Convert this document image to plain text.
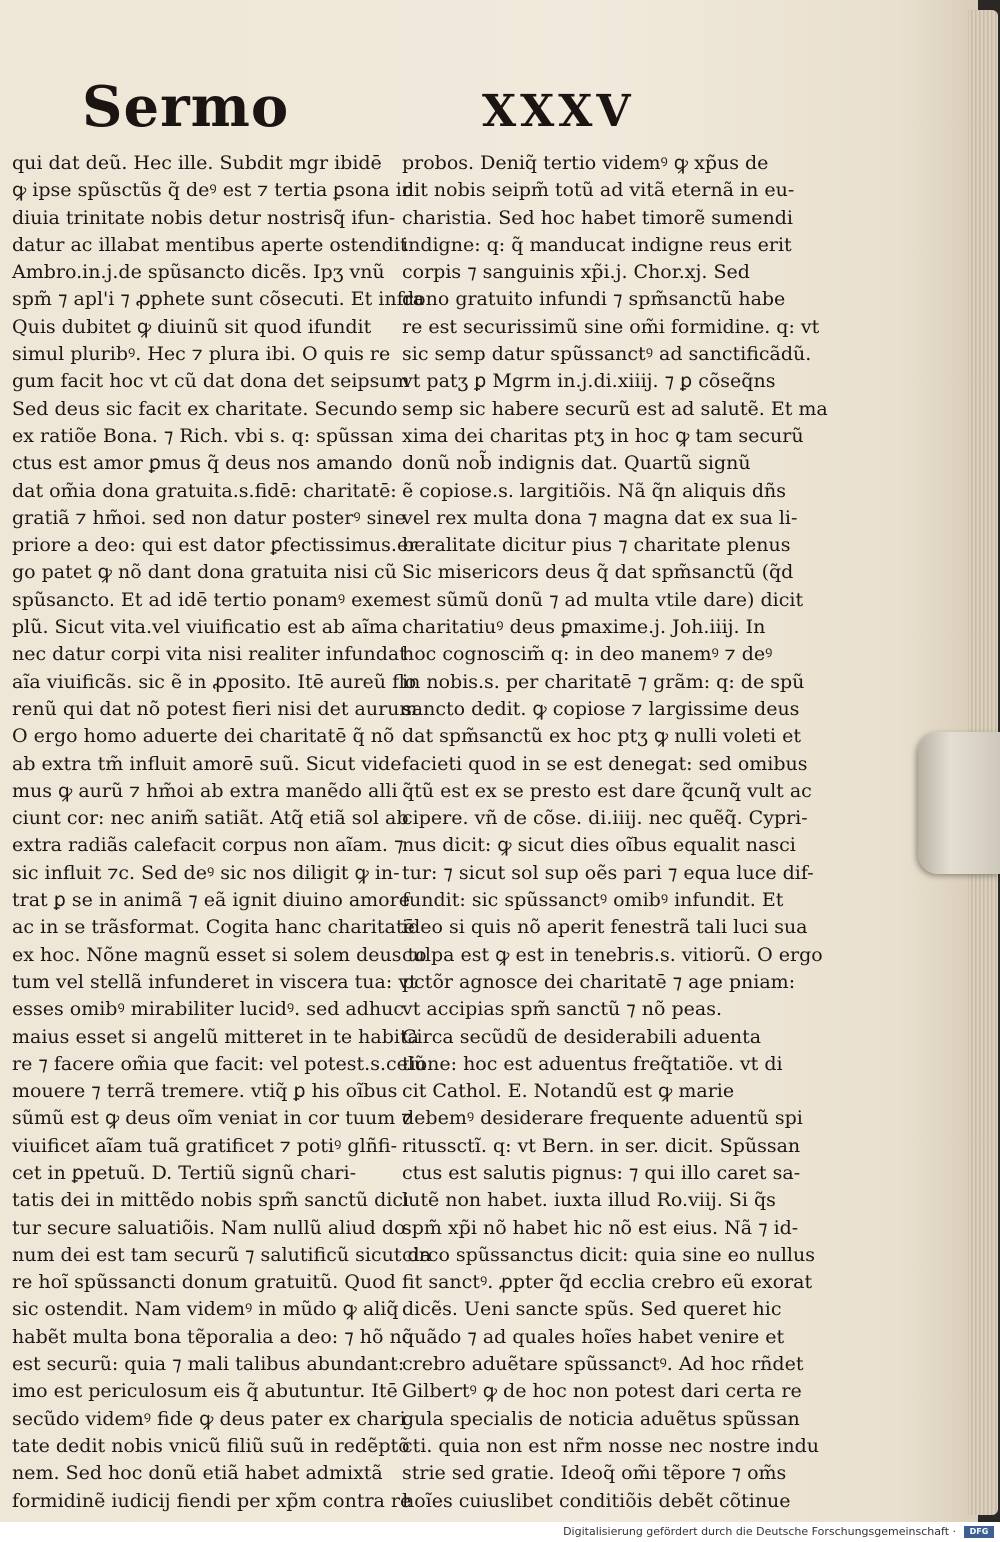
Sermo	XXXV
qui dat deũ. Hec ille. Subdit mgr ibidē
ꝙ ipse spũsctũs q̃ deꝰ est ⁊ tertia ꝑsona in
diuia trinitate nobis detur nostrisq̃ ifun-
datur ac illabat mentibus aperte ostendit
Ambro.in.j.de spũsancto dicẽs. Ipʒ vnũ
spm̃ ⁊ apl'i ⁊ ꝓphete sunt cõsecuti. Et infra
Quis dubitet ꝙ diuinũ sit quod ifundit
simul pluribꝰ. Hec ⁊ plura ibi. O quis re
gum facit hoc vt cũ dat dona det seipsum
Sed deus sic facit ex charitate. Secundo
ex ratiõe Bona. ⁊ Rich. vbi s. q: spũssan
ctus est amor ꝑmus q̃ deus nos amando
dat om̃ia dona gratuita.s.fidē: charitatē:
gratiã ⁊ hm̃oi. sed non datur posterꝰ sine
priore a deo: qui est dator ꝑfectissimus.er
go patet ꝙ nõ dant dona gratuita nisi cũ
spũsancto. Et ad idē tertio ponamꝰ exem-
plũ. Sicut vita.vel viuificatio est ab aĩma
nec datur corpi vita nisi realiter infundat
aĩa viuificãs. sic ẽ in ꝓposito. Itē aureũ flo
renũ qui dat nõ potest fieri nisi det aurum
O ergo homo aduerte dei charitatē q̃ nõ
ab extra tm̃ influit amorē suũ. Sicut vide
mus ꝙ aurũ ⁊ hm̃oi ab extra manẽdo alli
ciunt cor: nec anim̃ satiãt. Atq̃ etiã sol ab
extra radiãs calefacit corpus non aĩam. ⁊
sic influit ⁊c. Sed deꝰ sic nos diligit ꝙ in-
trat ꝑ se in animã ⁊ eã ignit diuino amore
ac in se trãsformat. Cogita hanc charitatē
ex hoc. Nõne magnũ esset si solem deus to
tum vel stellã infunderet in viscera tua: vt
esses omibꝰ mirabiliter lucidꝰ. sed adhuc
maius esset si angelũ mitteret in te habita
re ⁊ facere om̃ia que facit: vel potest.s.celũ
mouere ⁊ terrã tremere. vtiq̃ ꝑ his oĩbus
sũmũ est ꝙ deus oĩm veniat in cor tuum ⁊
viuificet aĩam tuã gratificet ⁊ potiꝰ glñfi-
cet in ꝑpetuũ. D. Tertiũ signũ chari-
tatis dei in mittẽdo nobis spm̃ sanctũ dici
tur secure saluatiõis. Nam nullũ aliud do
num dei est tam securũ ⁊ salutificũ sicut da
re hoĩ spũssancti donum gratuitũ. Quod
sic ostendit. Nam videmꝰ in mũdo ꝙ aliq̃
habẽt multa bona tẽporalia a deo: ⁊ hõ nõ
est securũ: quia ⁊ mali talibus abundant:
imo est periculosum eis q̃ abutuntur. Itē
secũdo videmꝰ fide ꝙ deus pater ex chari
tate dedit nobis vnicũ filiũ suũ in redẽptõ
nem. Sed hoc donũ etiã habet admixtã
formidinẽ iudicij fiendi per xp̃m contra re
probos. Deniq̃ tertio videmꝰ ꝙ xp̃us de
dit nobis seipm̃ totũ ad vitã eternã in eu-
charistia. Sed hoc habet timorẽ sumendi
indigne: q: q̃ manducat indigne reus erit
corpis ⁊ sanguinis xp̃i.j. Chor.xj. Sed
dono gratuito infundi ⁊ spm̃sanctũ habe
re est securissimũ sine om̃i formidine. q: vt
sic semp datur spũssanctꝰ ad sanctificãdũ.
vt patʒ ꝑ Mgrm in.j.di.xiiij. ⁊ ꝑ cõseq̃ns
semp sic habere securũ est ad salutẽ. Et ma
xima dei charitas ptʒ in hoc ꝙ tam securũ
donũ nob̃ indignis dat. Quartũ signũ
ẽ copiose.s. largitiõis. Nã q̃n aliquis dñs
vel rex multa dona ⁊ magna dat ex sua li-
beralitate dicitur pius ⁊ charitate plenus
Sic misericors deus q̃ dat spm̃sanctũ (q̃d
est sũmũ donũ ⁊ ad multa vtile dare) dicit
charitatiuꝰ deus ꝑmaxime.j. Joh.iiij. In
hoc cognoscim̃ q: in deo manemꝰ ⁊ deꝰ
in nobis.s. per charitatē ⁊ grãm: q: de spũ
sancto dedit. ꝙ copiose ⁊ largissime deus
dat spm̃sanctũ ex hoc ptʒ ꝙ nulli voleti et
facieti quod in se est denegat: sed omibus
q̃tũ est ex se presto est dare q̃cunq̃ vult ac
cipere. vñ de cõse. di.iiij. nec quẽq̃. Cypri-
nus dicit: ꝙ sicut dies oĩbus equalit nasci
tur: ⁊ sicut sol sup oẽs pari ⁊ equa luce dif-
fundit: sic spũssanctꝰ omibꝰ infundit. Et
ideo si quis nõ aperit fenestrã tali luci sua
culpa est ꝙ est in tenebris.s. vitiorũ. O ergo
pctõr agnosce dei charitatē ⁊ age pniam:
vt accipias spm̃ sanctũ ⁊ nõ peas.
Circa secũdũ de desiderabili aduenta
tione: hoc est aduentus freq̃tatiõe. vt di
cit Cathol. E. Notandũ est ꝙ marie
debemꝰ desiderare frequente aduentũ spi
ritussctĩ. q: vt Bern. in ser. dicit. Spũssan
ctus est salutis pignus: ⁊ qui illo caret sa-
lutẽ non habet. iuxta illud Ro.viij. Si q̃s
spm̃ xp̃i nõ habet hic nõ est eius. Nã ⁊ id-
circo spũssanctus dicit: quia sine eo nullus
fit sanctꝰ. ꝓpter q̃d ecclia crebro eũ exorat
dicẽs. Ueni sancte spũs. Sed queret hic
quãdo ⁊ ad quales hoĩes habet venire et
crebro aduẽtare spũssanctꝰ. Ad hoc rñdet
Gilbertꝰ ꝙ de hoc non potest dari certa re
gula specialis de noticia aduẽtus spũssan
cti. quia non est nr̃m nosse nec nostre indu
strie sed gratie. Ideoq̃ om̃i tẽpore ⁊ om̃s
hoĩes cuiuslibet conditiõis debẽt cõtinue
Digitalisierung gefördert durch die Deutsche Forschungsgemeinschaft ·	DFG
